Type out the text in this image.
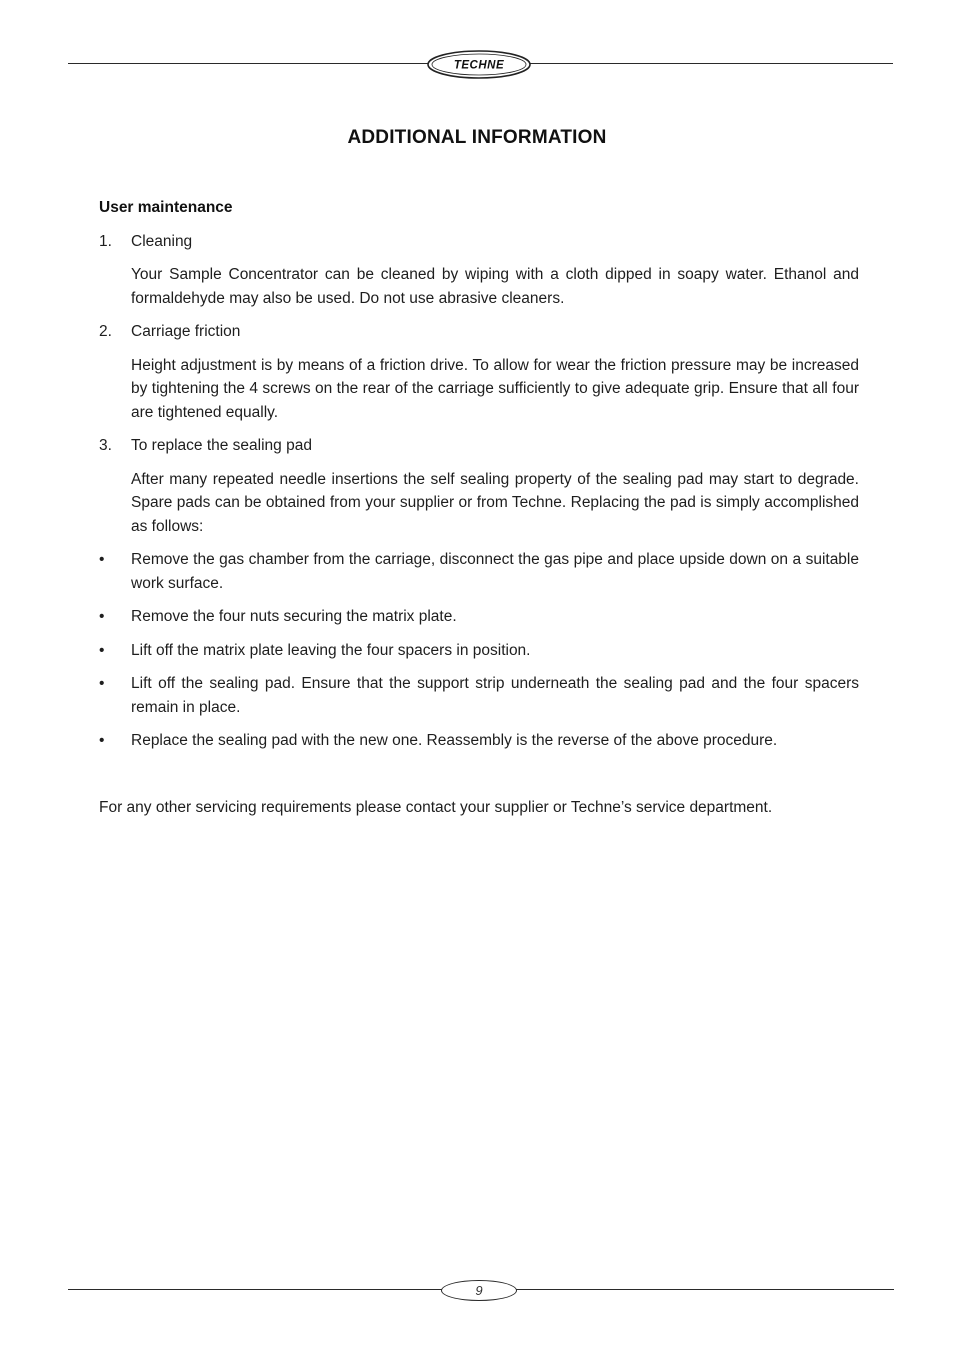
TECHNE
ADDITIONAL INFORMATION
User maintenance
1.	Cleaning
Your Sample Concentrator can be cleaned by wiping with a cloth dipped in soapy water. Ethanol and formaldehyde may also be used. Do not use abrasive cleaners.
2.	Carriage friction
Height adjustment is by means of a friction drive. To allow for wear the friction pressure may be increased by tightening the 4 screws on the rear of the carriage sufficiently to give adequate grip. Ensure that all four are tightened equally.
3.	To replace the sealing pad
After many repeated needle insertions the self sealing property of the sealing pad may start to degrade. Spare pads can be obtained from your supplier or from Techne. Replacing the pad is simply accomplished as follows:
•	Remove the gas chamber from the carriage, disconnect the gas pipe and place upside down on a suitable work surface.
•	Remove the four nuts securing the matrix plate.
•	Lift off the matrix plate leaving the four spacers in position.
•	Lift off the sealing pad. Ensure that the support strip underneath the sealing pad and the four spacers remain in place.
•	Replace the sealing pad with the new one. Reassembly is the reverse of the above procedure.
For any other servicing requirements please contact your supplier or Techne’s service department.
9
